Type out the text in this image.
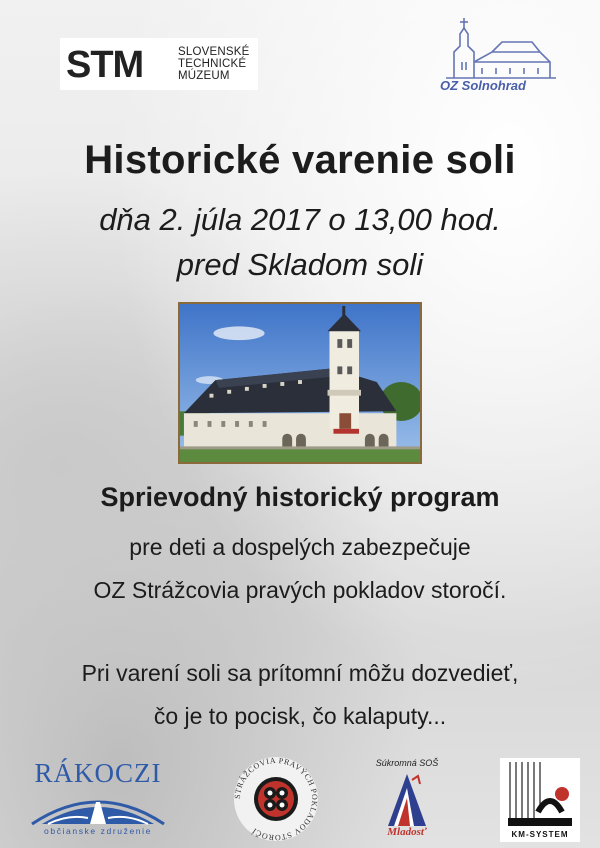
STM	SLOVENSKÉ
TECHNICKÉ
MÚZEUM
OZ Solnohrad
Historické varenie soli
dňa 2. júla 2017 o 13,00 hod.
pred Skladom soli
Sprievodný historický program
pre deti a dospelých zabezpečuje
OZ Strážcovia pravých pokladov storočí.
Pri varení soli sa prítomní môžu dozvedieť,
čo je to pocisk, čo kalaputy...
RÁKOCZI
občianske združenie
STRÁŽCOVIA PRAVÝCH POKLADOV STOROČÍ
Súkromná SOŠ
Mladosť	KM-SYSTEM
